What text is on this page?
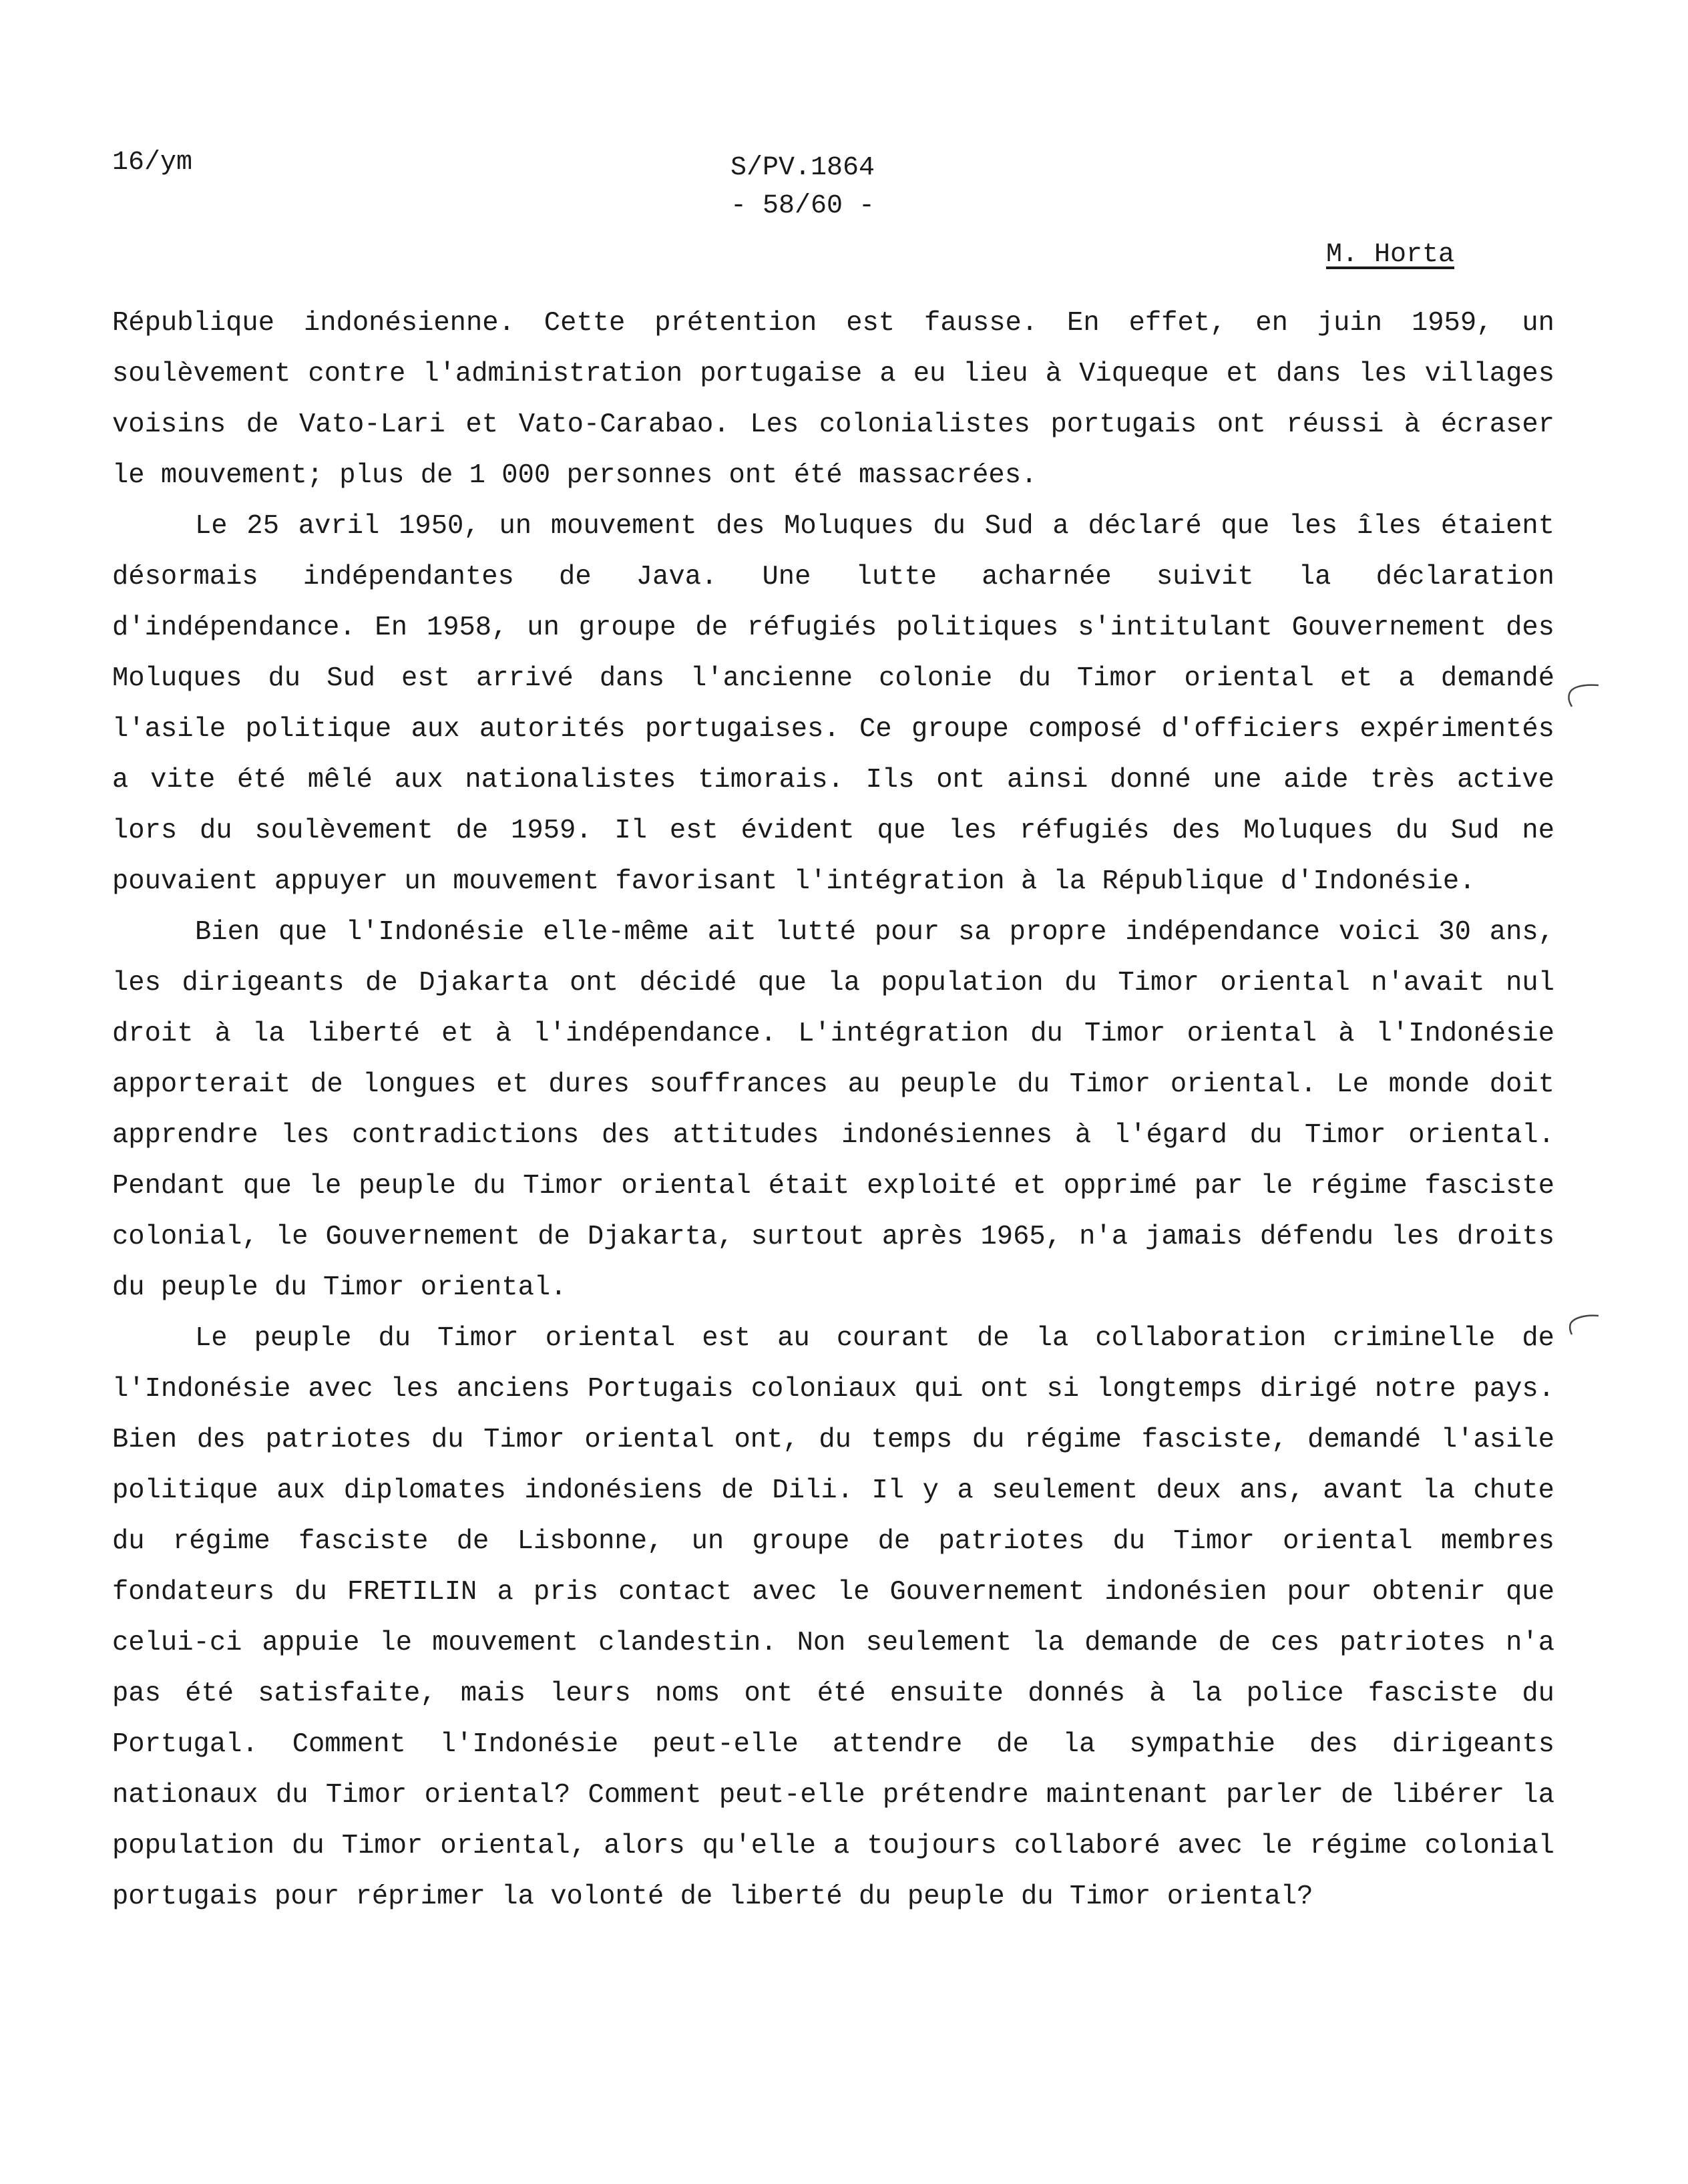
16/ym	S/PV.1864
- 58/60 -
M. Horta

République indonésienne. Cette prétention est fausse. En effet, en juin 1959, un soulèvement contre l'administration portugaise a eu lieu à Viqueque et dans les villages voisins de Vato-Lari et Vato-Carabao. Les colonialistes portugais ont réussi à écraser le mouvement; plus de 1 000 personnes ont été massacrées.

Le 25 avril 1950, un mouvement des Moluques du Sud a déclaré que les îles étaient désormais indépendantes de Java. Une lutte acharnée suivit la déclaration d'indépendance. En 1958, un groupe de réfugiés politiques s'intitulant Gouvernement des Moluques du Sud est arrivé dans l'ancienne colonie du Timor oriental et a demandé l'asile politique aux autorités portugaises. Ce groupe composé d'officiers expérimentés a vite été mêlé aux nationalistes timorais. Ils ont ainsi donné une aide très active lors du soulèvement de 1959. Il est évident que les réfugiés des Moluques du Sud ne pouvaient appuyer un mouvement favorisant l'intégration à la République d'Indonésie.

Bien que l'Indonésie elle-même ait lutté pour sa propre indépendance voici 30 ans, les dirigeants de Djakarta ont décidé que la population du Timor oriental n'avait nul droit à la liberté et à l'indépendance. L'intégration du Timor oriental à l'Indonésie apporterait de longues et dures souffrances au peuple du Timor oriental. Le monde doit apprendre les contradictions des attitudes indonésiennes à l'égard du Timor oriental. Pendant que le peuple du Timor oriental était exploité et opprimé par le régime fasciste colonial, le Gouvernement de Djakarta, surtout après 1965, n'a jamais défendu les droits du peuple du Timor oriental.

Le peuple du Timor oriental est au courant de la collaboration criminelle de l'Indonésie avec les anciens Portugais coloniaux qui ont si longtemps dirigé notre pays. Bien des patriotes du Timor oriental ont, du temps du régime fasciste, demandé l'asile politique aux diplomates indonésiens de Dili. Il y a seulement deux ans, avant la chute du régime fasciste de Lisbonne, un groupe de patriotes du Timor oriental membres fondateurs du FRETILIN a pris contact avec le Gouvernement indonésien pour obtenir que celui-ci appuie le mouvement clandestin. Non seulement la demande de ces patriotes n'a pas été satisfaite, mais leurs noms ont été ensuite donnés à la police fasciste du Portugal. Comment l'Indonésie peut-elle attendre de la sympathie des dirigeants nationaux du Timor oriental? Comment peut-elle prétendre maintenant parler de libérer la population du Timor oriental, alors qu'elle a toujours collaboré avec le régime colonial portugais pour réprimer la volonté de liberté du peuple du Timor oriental?
